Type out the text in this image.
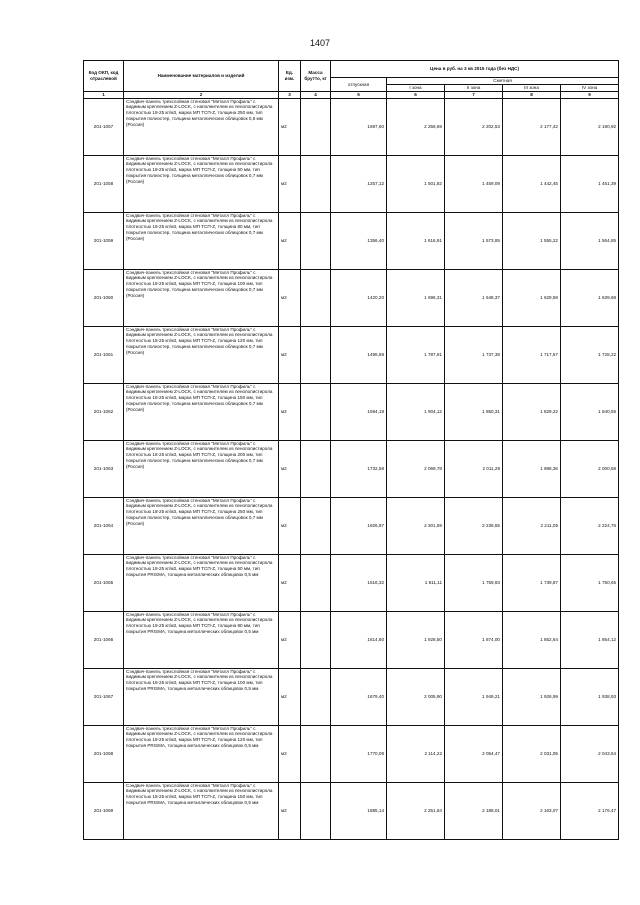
1407
Код ОКП, код отраслевой	Наименование материалов и изделий	Ед. изм.	Масса брутто, кг	Цена в руб. на 3 кв 2015 года (без НДС)				
				отпускная	Сметная			
					I зона	II зона	III зона	IV зона
1	2	3	4	5	6	7	8	9
201-1057	Сэндвич-панель трехслойная стеновая "Металл Профиль" с видимым креплением Z-LOCK, с наполнителем из пенополистирола плотностью 18-25 кг/м3, марка МП ТСП-Z, толщина 250 мм, тип покрытия полиэстер, толщина металлических облицовок 0,6 мм (Россия)	м2		1697,60	2 256,69	2 202,53	2 177,42	2 190,92
201-1058	Сэндвич-панель трехслойная стеновая "Металл Профиль" с видимым креплением Z-LOCK, с наполнителем из пенополистирола плотностью 18-25 кг/м3, марка МП ТСП-Z, толщина 50 мм, тип покрытия полиэстер, толщина металлических облицовок 0,7 мм (Россия)	м2		1257,12	1 501,82	1 459,09	1 442,45	1 451,39
201-1059	Сэндвич-панель трехслойная стеновая "Металл Профиль" с видимым креплением Z-LOCK, с наполнителем из пенополистирола плотностью 18-25 кг/м3, марка МП ТСП-Z, толщина 80 мм, тип покрытия полиэстер, толщина металлических облицовок 0,7 мм (Россия)	м2		1356,40	1 616,91	1 573,85	1 555,22	1 564,85
201-1060	Сэндвич-панель трехслойная стеновая "Металл Профиль" с видимым креплением Z-LOCK, с наполнителем из пенополистирола плотностью 18-25 кг/м3, марка МП ТСП-Z, толщина 100 мм, тип покрытия полиэстер, толщина металлических облицовок 0,7 мм (Россия)	м2		1420,20	1 696,31	1 648,37	1 629,58	1 639,68
201-1061	Сэндвич-панель трехслойная стеновая "Металл Профиль" с видимым креплением Z-LOCK, с наполнителем из пенополистирола плотностью 18-25 кг/м3, марка МП ТСП-Z, толщина 120 мм, тип покрытия полиэстер, толщина металлических облицовок 0,7 мм (Россия)	м2		1496,69	1 787,91	1 737,38	1 717,57	1 728,22
201-1062	Сэндвич-панель трехслойная стеновая "Металл Профиль" с видимым креплением Z-LOCK, с наполнителем из пенополистирола плотностью 18-25 кг/м3, марка МП ТСП-Z, толщина 150 мм, тип покрытия полиэстер, толщина металлических облицовок 0,7 мм (Россия)	м2		1594,19	1 904,12	1 850,31	1 829,22	1 840,55
201-1063	Сэндвич-панель трехслойная стеновая "Металл Профиль" с видимым креплением Z-LOCK, с наполнителем из пенополистирола плотностью 18-25 кг/м3, марка МП ТСП-Z, толщина 200 мм, тип покрытия полиэстер, толщина металлических облицовок 0,7 мм (Россия)	м2		1732,58	2 069,78	2 011,28	1 988,36	2 000,68
201-1064	Сэндвич-панель трехслойная стеновая "Металл Профиль" с видимым креплением Z-LOCK, с наполнителем из пенополистирола плотностью 18-25 кг/м3, марка МП ТСП-Z, толщина 250 мм, тип покрытия полиэстер, толщина металлических облицовок 0,7 мм (Россия)	м2		1926,97	2 301,59	2 236,55	2 211,05	2 224,76
201-1065	Сэндвич-панель трехслойная стеновая "Металл Профиль" с видимым креплением Z-LOCK, с наполнителем из пенополистирола плотностью 18-25 кг/м3, марка МП ТСП-Z, толщина 50 мм, тип покрытия PRISMA, толщина металлических облицовок 0,5 мм	м2		1516,32	1 811,11	1 759,93	1 739,87	1 750,65
201-1066	Сэндвич-панель трехслойная стеновая "Металл Профиль" с видимым креплением Z-LOCK, с наполнителем из пенополистирола плотностью 18-25 кг/м3, марка МП ТСП-Z, толщина 80 мм, тип покрытия PRISMA, толщина металлических облицовок 0,5 мм	м2		1614,60	1 928,50	1 874,00	1 852,64	1 864,12
201-1067	Сэндвич-панель трехслойная стеновая "Металл Профиль" с видимым креплением Z-LOCK, с наполнителем из пенополистирола плотностью 18-25 кг/м3, марка МП ТСП-Z, толщина 100 мм, тип покрытия PRISMA, толщина металлических облицовок 0,5 мм	м2		1679,40	2 005,90	1 949,21	1 926,99	1 938,93
201-1068	Сэндвич-панель трехслойная стеновая "Металл Профиль" с видимым креплением Z-LOCK, с наполнителем из пенополистирола плотностью 18-25 кг/м3, марка МП ТСП-Z, толщина 120 мм, тип покрытия PRISMA, толщина металлических облицовок 0,5 мм	м2		1770,09	2 114,22	2 054,47	2 031,05	2 043,64
201-1069	Сэндвич-панель трехслойная стеновая "Металл Профиль" с видимым креплением Z-LOCK, с наполнителем из пенополистирола плотностью 18-25 кг/м3, марка МП ТСП-Z, толщина 150 мм, тип покрытия PRISMA, толщина металлических облицовок 0,5 мм	м2		1885,14	2 251,64	2 188,01	2 163,07	2 176,47
